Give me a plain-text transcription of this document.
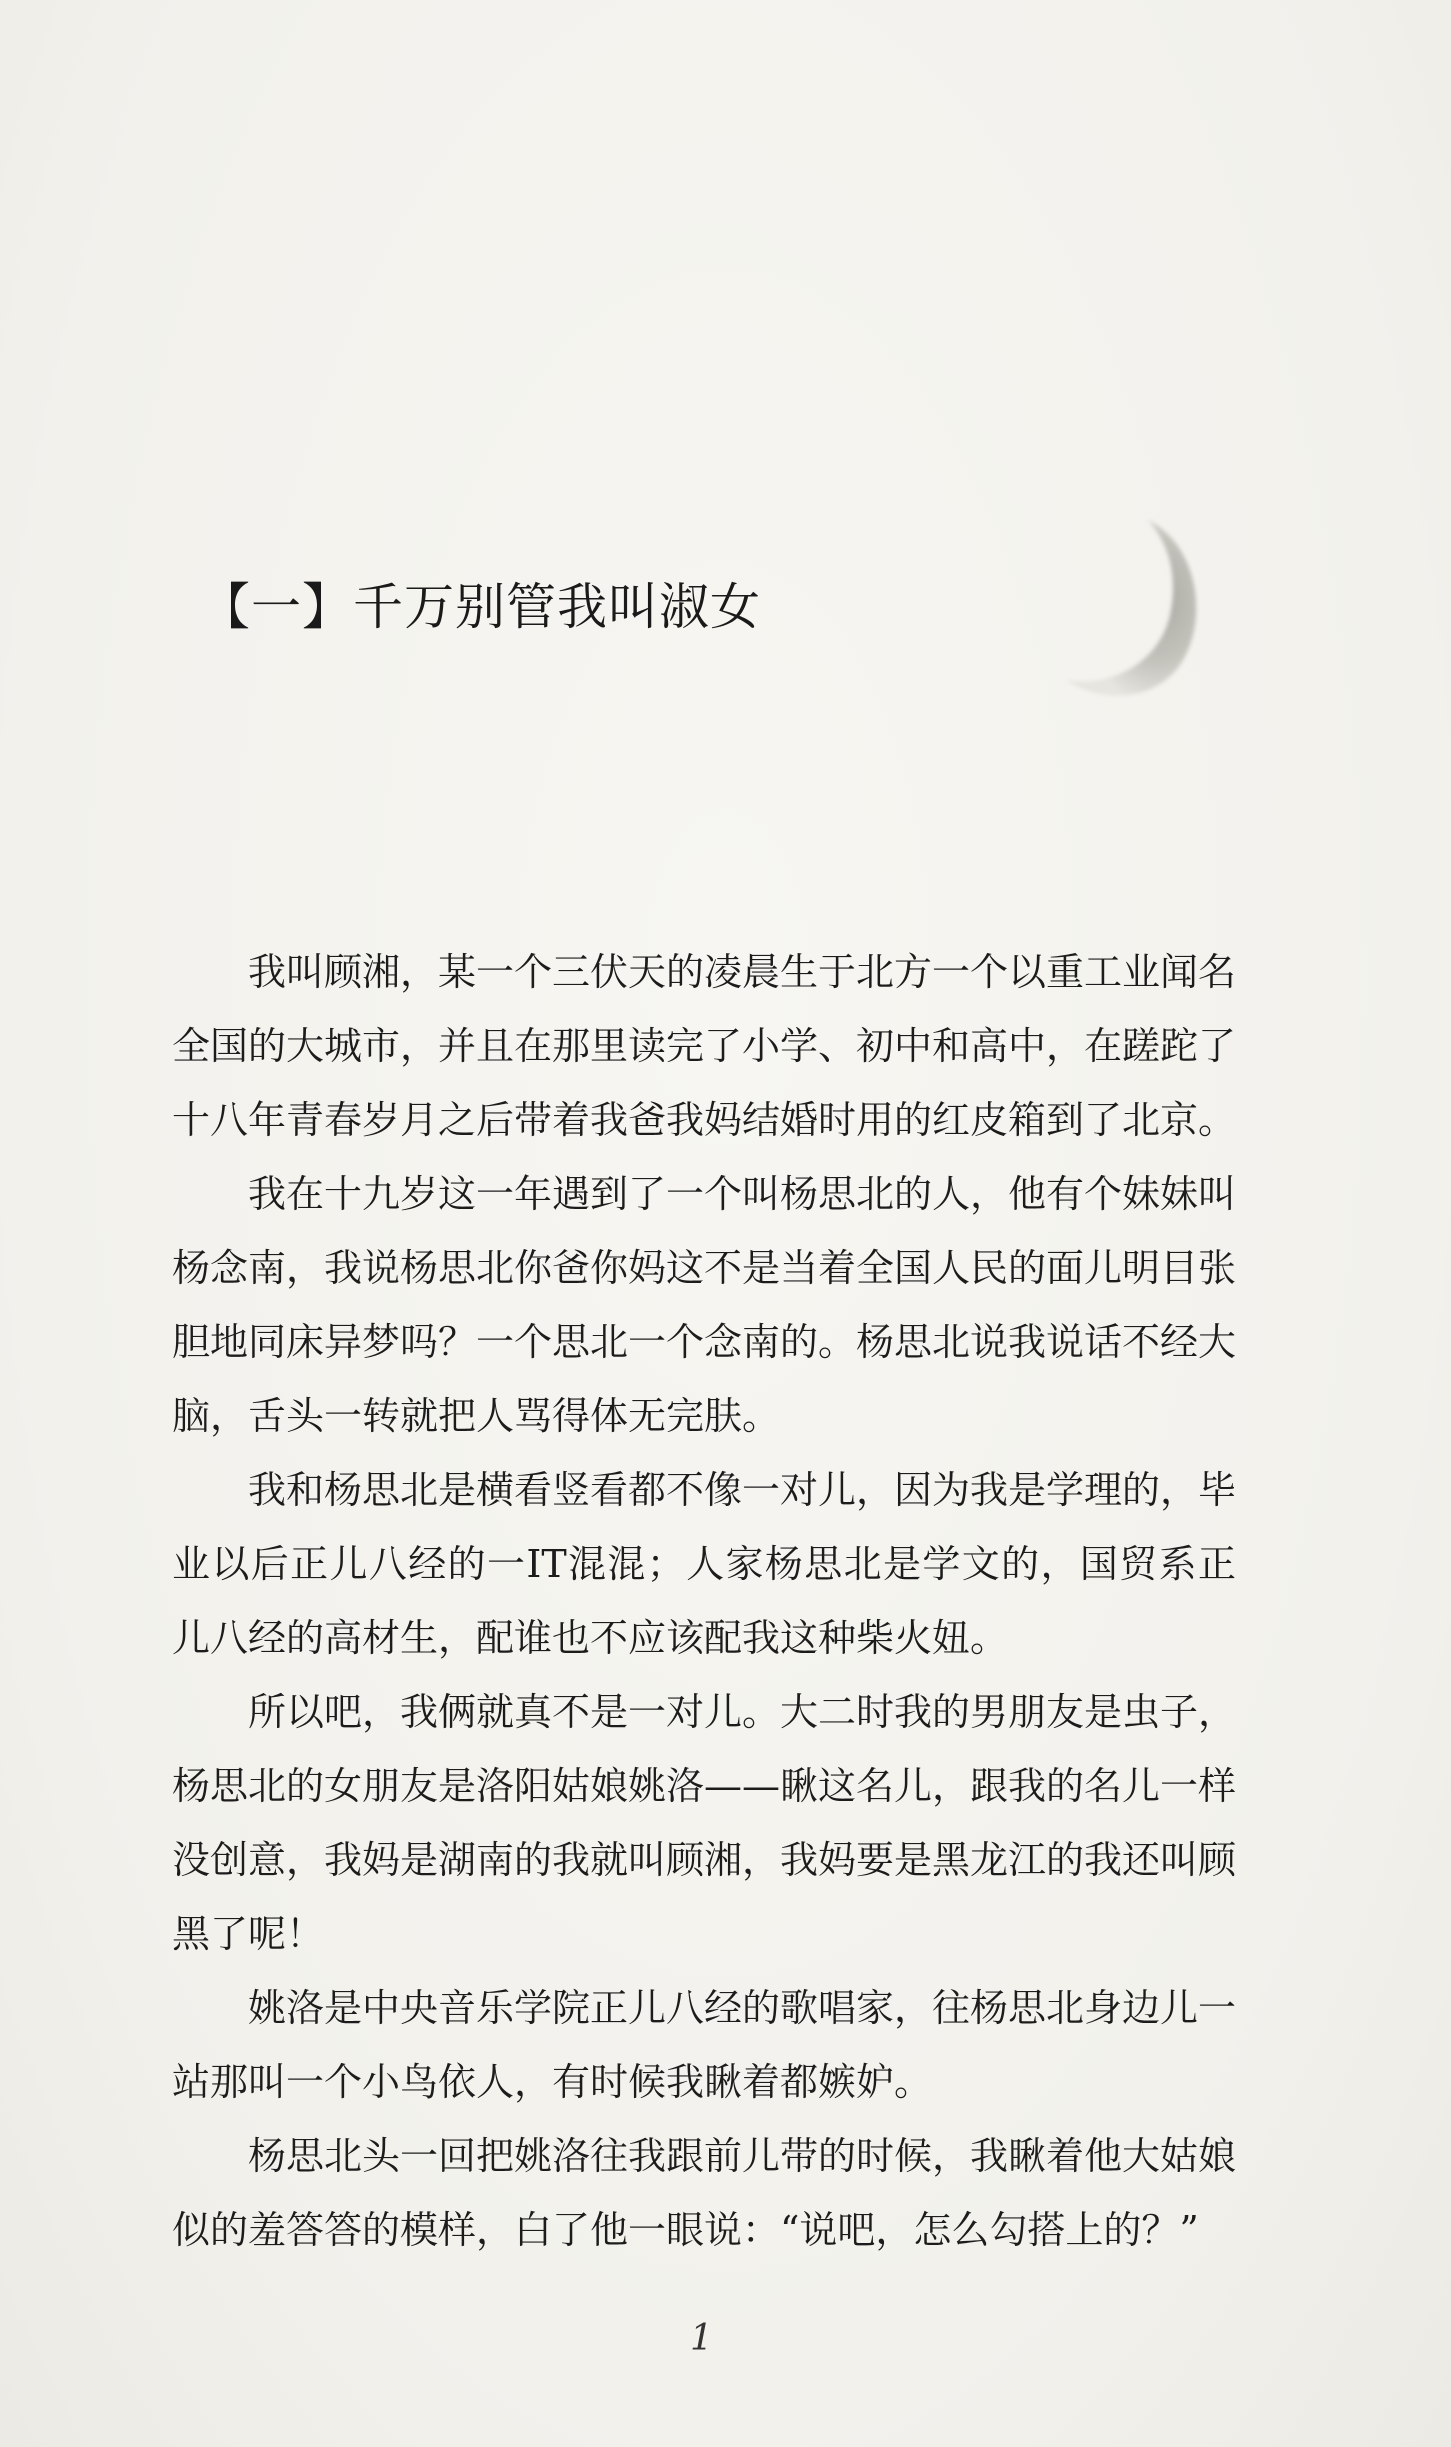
【一】千万别管我叫淑女

我叫顾湘，某一个三伏天的凌晨生于北方一个以重工业闻名全国的大城市，并且在那里读完了小学、初中和高中，在蹉跎了十八年青春岁月之后带着我爸我妈结婚时用的红皮箱到了北京。

我在十九岁这一年遇到了一个叫杨思北的人，他有个妹妹叫杨念南，我说杨思北你爸你妈这不是当着全国人民的面儿明目张胆地同床异梦吗？一个思北一个念南的。杨思北说我说话不经大脑，舌头一转就把人骂得体无完肤。

我和杨思北是横看竖看都不像一对儿，因为我是学理的，毕业以后正儿八经的一IT混混；人家杨思北是学文的，国贸系正儿八经的高材生，配谁也不应该配我这种柴火妞。

所以吧，我俩就真不是一对儿。大二时我的男朋友是虫子，杨思北的女朋友是洛阳姑娘姚洛——瞅这名儿，跟我的名儿一样没创意，我妈是湖南的我就叫顾湘，我妈要是黑龙江的我还叫顾黑了呢！

姚洛是中央音乐学院正儿八经的歌唱家，往杨思北身边儿一站那叫一个小鸟依人，有时候我瞅着都嫉妒。

杨思北头一回把姚洛往我跟前儿带的时候，我瞅着他大姑娘似的羞答答的模样，白了他一眼说：“说吧，怎么勾搭上的？”

1
